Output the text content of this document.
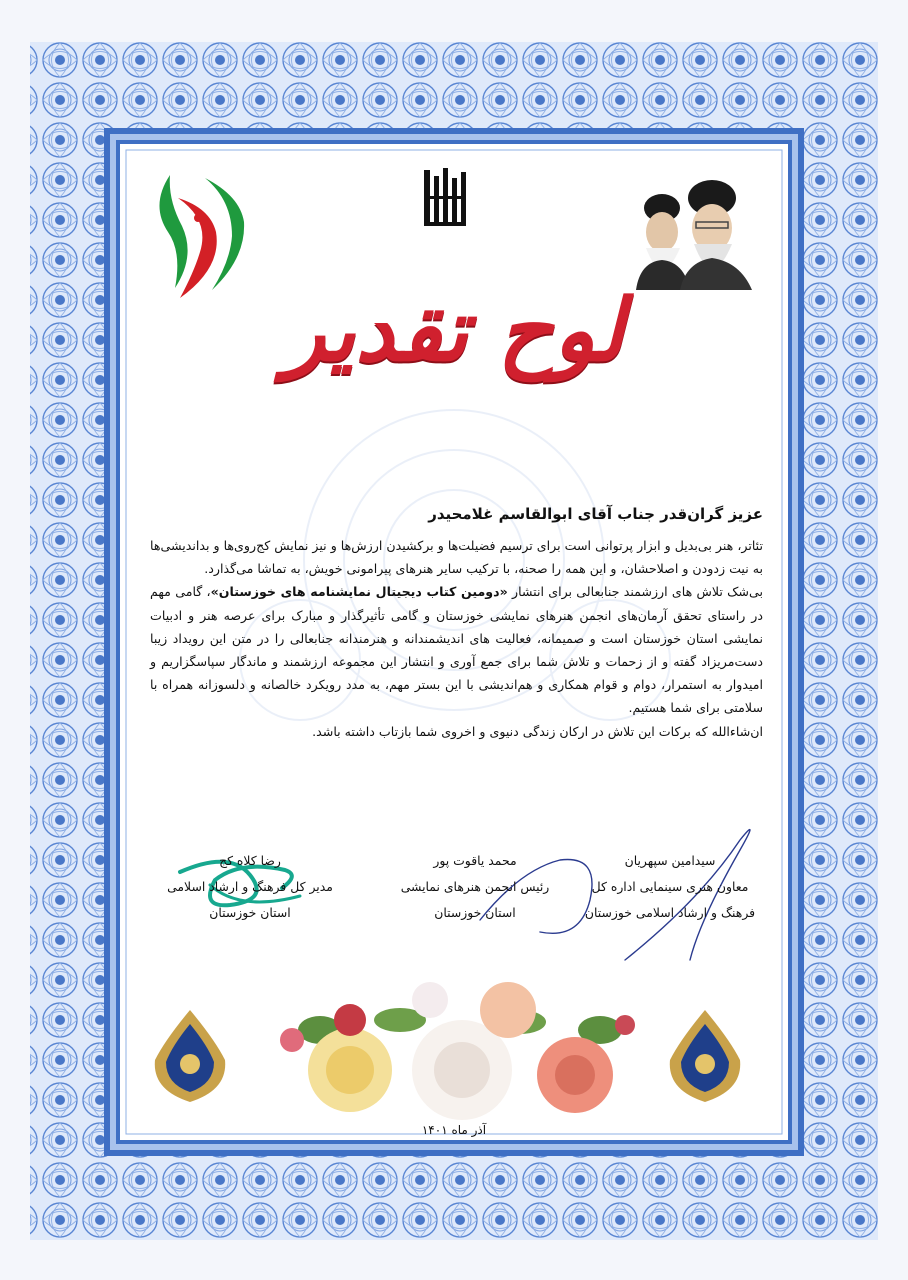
لوح تقدیر
عزیز گران‌قدر جناب آقای ابوالقاسم غلامحیدر

تئاتر، هنر بی‌بدیل و ابزار پرتوانی است برای ترسیم فضیلت‌ها و برکشیدن ارزش‌ها و نیز نمایش کج‌روی‌ها و بداندیشی‌ها به نیت زدودن و اصلاحشان، و این همه را صحنه، با ترکیب سایر هنرهای پیرامونی خویش، به تماشا می‌گذارد.

بی‌شک تلاش های ارزشمند جنابعالی برای انتشار «دومین کتاب دیجیتال نمایشنامه های خوزستان»، گامی مهم در راستای تحقق آرمان‌های انجمن هنرهای نمایشی خوزستان و گامی تأثیرگذار و مبارک برای عرصه هنر و ادبیات نمایشی استان خوزستان است و صمیمانه، فعالیت های اندیشمندانه و هنرمندانه جنابعالی را در متن این رویداد زیبا دست‌مریزاد گفته و از زحمات و تلاش شما برای جمع آوری و انتشار این مجموعه ارزشمند و ماندگار سپاسگزاریم و امیدوار به استمرار، دوام و قوام همکاری و هم‌اندیشی با این بستر مهم، به مدد رویکرد خالصانه و دلسوزانه همراه با سلامتی برای شما هستیم.

ان‌شاءالله که برکات این تلاش در ارکان زندگی دنیوی و اخروی شما بازتاب داشته باشد.

سیدامین سپهریان
معاون هنری سینمایی اداره کل
فرهنگ و ارشاد اسلامی خوزستان
محمد یاقوت پور
رئیس انجمن هنرهای نمایشی
استان خوزستان
رضا کلاه کج
مدیر کل فرهنگ و ارشاد اسلامی
استان خوزستان
آذر ماه ۱۴۰۱
